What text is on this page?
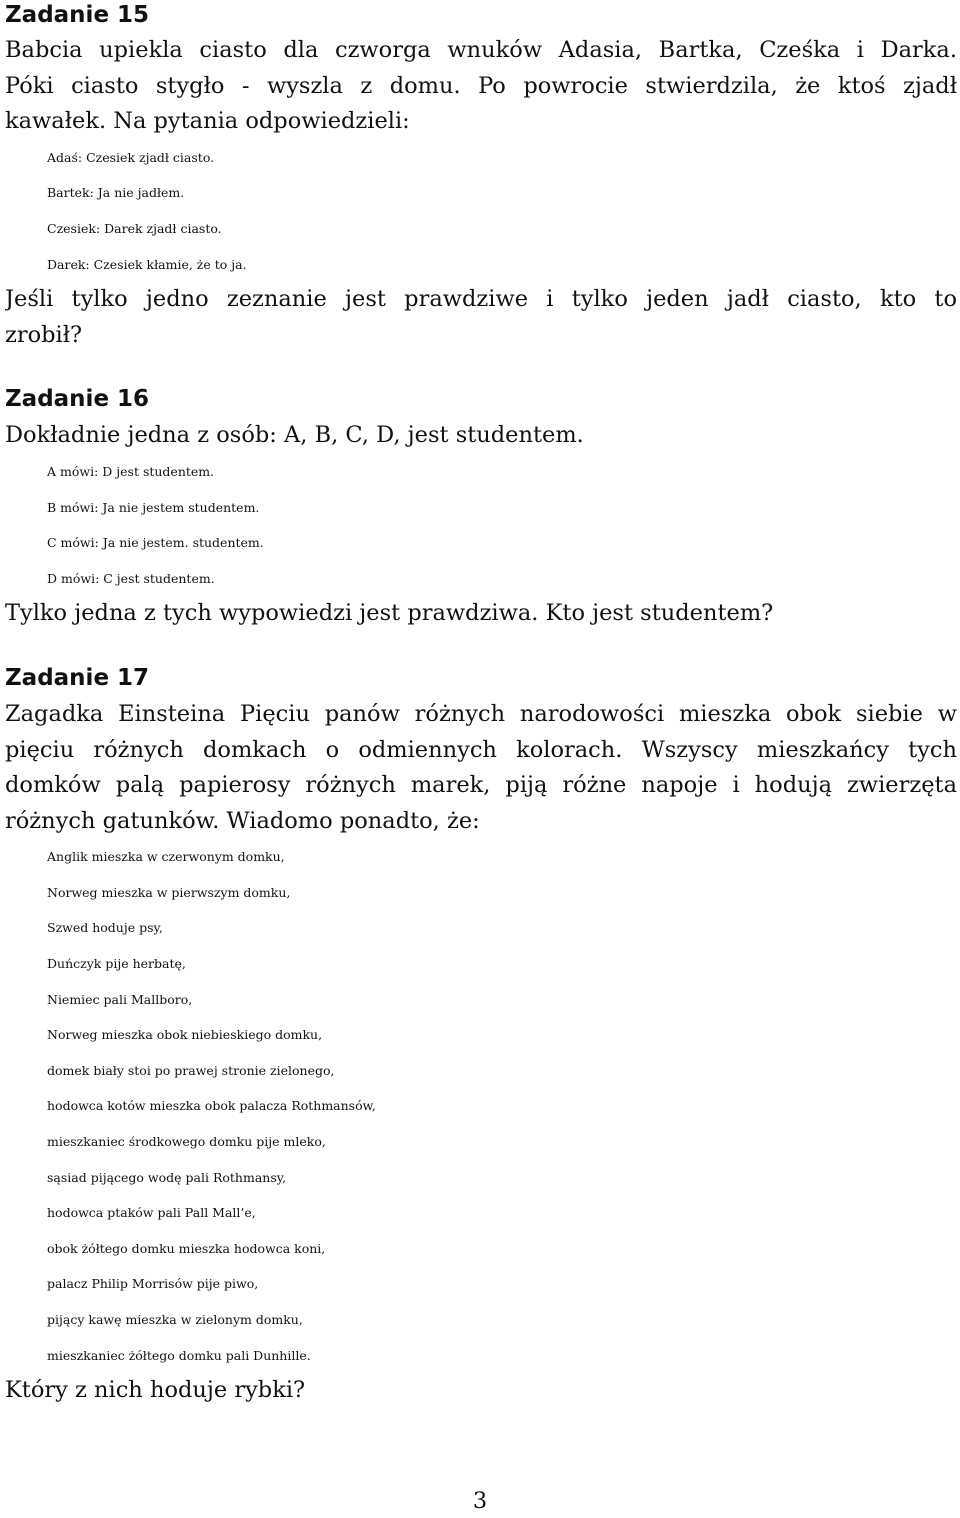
Zadanie 15
Babcia upiekla ciasto dla czworga wnuków Adasia, Bartka, Cześka i Darka.
Póki ciasto stygło - wyszla z domu. Po powrocie stwierdzila, że ktoś zjadł
kawałek. Na pytania odpowiedzieli:
Adaś: Czesiek zjadł ciasto.
Bartek: Ja nie jadłem.
Czesiek: Darek zjadł ciasto.
Darek: Czesiek kłamie, że to ja.
Jeśli tylko jedno zeznanie jest prawdziwe i tylko jeden jadł ciasto, kto to
zrobił?
Zadanie 16
Dokładnie jedna z osób: A, B, C, D, jest studentem.
A mówi: D jest studentem.
B mówi: Ja nie jestem studentem.
C mówi: Ja nie jestem. studentem.
D mówi: C jest studentem.
Tylko jedna z tych wypowiedzi jest prawdziwa. Kto jest studentem?
Zadanie 17
Zagadka Einsteina Pięciu panów różnych narodowości mieszka obok siebie w
pięciu różnych domkach o odmiennych kolorach. Wszyscy mieszkańcy tych
domków palą papierosy różnych marek, piją różne napoje i hodują zwierzęta
różnych gatunków. Wiadomo ponadto, że:
Anglik mieszka w czerwonym domku,
Norweg mieszka w pierwszym domku,
Szwed hoduje psy,
Duńczyk pije herbatę,
Niemiec pali Mallboro,
Norweg mieszka obok niebieskiego domku,
domek biały stoi po prawej stronie zielonego,
hodowca kotów mieszka obok palacza Rothmansów,
mieszkaniec środkowego domku pije mleko,
sąsiad pijącego wodę pali Rothmansy,
hodowca ptaków pali Pall Mall’e,
obok żółtego domku mieszka hodowca koni,
palacz Philip Morrisów pije piwo,
pijący kawę mieszka w zielonym domku,
mieszkaniec żółtego domku pali Dunhille.
Który z nich hoduje rybki?
3
